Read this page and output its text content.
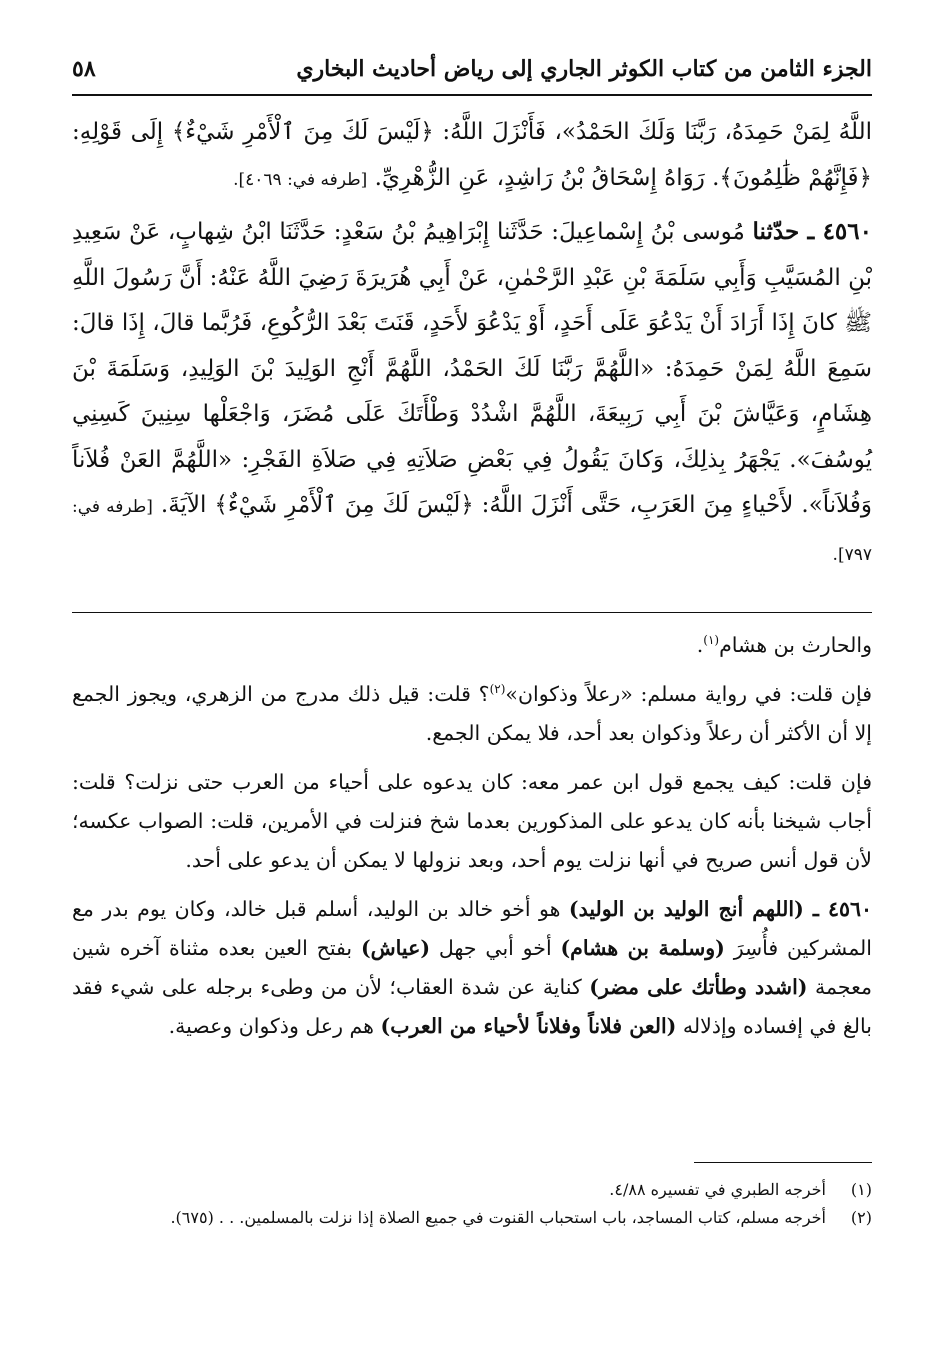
الجزء الثامن من كتاب الكوثر الجاري إلى رياض أحاديث البخاري
٥٨

اللَّهُ لِمَنْ حَمِدَهُ، رَبَّنَا وَلَكَ الحَمْدُ»، فَأَنْزَلَ اللَّهُ: ﴿لَيْسَ لَكَ مِنَ ٱلْأَمْرِ شَيْءٌ﴾ إِلَى قَوْلِهِ: ﴿فَإِنَّهُمْ ظَٰلِمُونَ﴾. رَوَاهُ إِسْحَاقُ بْنُ رَاشِدٍ، عَنِ الزُّهْرِيِّ. [طرفه في: ٤٠٦٩].

٤٥٦٠ ـ حدّثنا مُوسى بْنُ إِسْماعِيلَ: حَدَّثَنا إِبْرَاهِيمُ بْنُ سَعْدٍ: حَدَّثَنَا ابْنُ شِهابٍ، عَنْ سَعِيدِ بْنِ المُسَيَّبِ وَأَبِي سَلَمَةَ بْنِ عَبْدِ الرَّحْمٰنِ، عَنْ أَبِي هُرَيرَةَ رَضِيَ اللَّهُ عَنْهُ: أَنَّ رَسُولَ اللَّهِ ﷺ كانَ إِذَا أَرَادَ أَنْ يَدْعُوَ عَلَى أَحَدٍ، أَوْ يَدْعُوَ لأَحَدٍ، قَنَتَ بَعْدَ الرُّكُوعِ، فَرُبَّما قالَ، إِذَا قالَ: سَمِعَ اللَّهُ لِمَنْ حَمِدَهُ: «اللَّهُمَّ رَبَّنَا لَكَ الحَمْدُ، اللَّهُمَّ أَنْجِ الوَلِيدَ بْنَ الوَلِيدِ، وَسَلَمَةَ بْنَ هِشَامٍ، وَعَيَّاشَ بْنَ أَبِي رَبِيعَةَ، اللَّهُمَّ اشْدُدْ وَطْأَتَكَ عَلَى مُضَرَ، وَاجْعَلْها سِنِينَ كَسِنِي يُوسُفَ». يَجْهَرُ بِذلِكَ، وَكانَ يَقُولُ فِي بَعْضِ صَلاَتِهِ فِي صَلاَةِ الفَجْرِ: «اللَّهُمَّ العَنْ فُلاَناً وَفُلاَناً». لأَحْياءٍ مِنَ العَرَبِ، حَتَّى أَنْزَلَ اللَّهُ: ﴿لَيْسَ لَكَ مِنَ ٱلْأَمْرِ شَيْءٌ﴾ الآيَةَ. [طرفه في: ٧٩٧].

والحارث بن هشام$^{(١)}$.

فإن قلت: في رواية مسلم: «رعلاً وذكوان»$^{(٢)}$؟ قلت: قيل ذلك مدرج من الزهري، ويجوز الجمع إلا أن الأكثر أن رعلاً وذكوان بعد أحد، فلا يمكن الجمع.

فإن قلت: كيف يجمع قول ابن عمر معه: كان يدعوه على أحياء من العرب حتى نزلت؟ قلت: أجاب شيخنا بأنه كان يدعو على المذكورين بعدما شخ فنزلت في الأمرين، قلت: الصواب عكسه؛ لأن قول أنس صريح في أنها نزلت يوم أحد، وبعد نزولها لا يمكن أن يدعو على أحد.

٤٥٦٠ ـ (اللهم أنج الوليد بن الوليد) هو أخو خالد بن الوليد، أسلم قبل خالد، وكان يوم بدر مع المشركين فأُسِرَ (وسلمة بن هشام) أخو أبي جهل (عياش) بفتح العين بعده مثناة آخره شين معجمة (اشدد وطأتك على مضر) كناية عن شدة العقاب؛ لأن من وطىء برجله على شيء فقد بالغ في إفساده وإذلاله (العن فلاناً وفلاناً لأحياء من العرب) هم رعل وذكوان وعصية.

(١)
أخرجه الطبري في تفسيره ٤/٨٨.
(٢)
أخرجه مسلم، كتاب المساجد، باب استحباب القنوت في جميع الصلاة إذا نزلت بالمسلمين. . . (٦٧٥).
